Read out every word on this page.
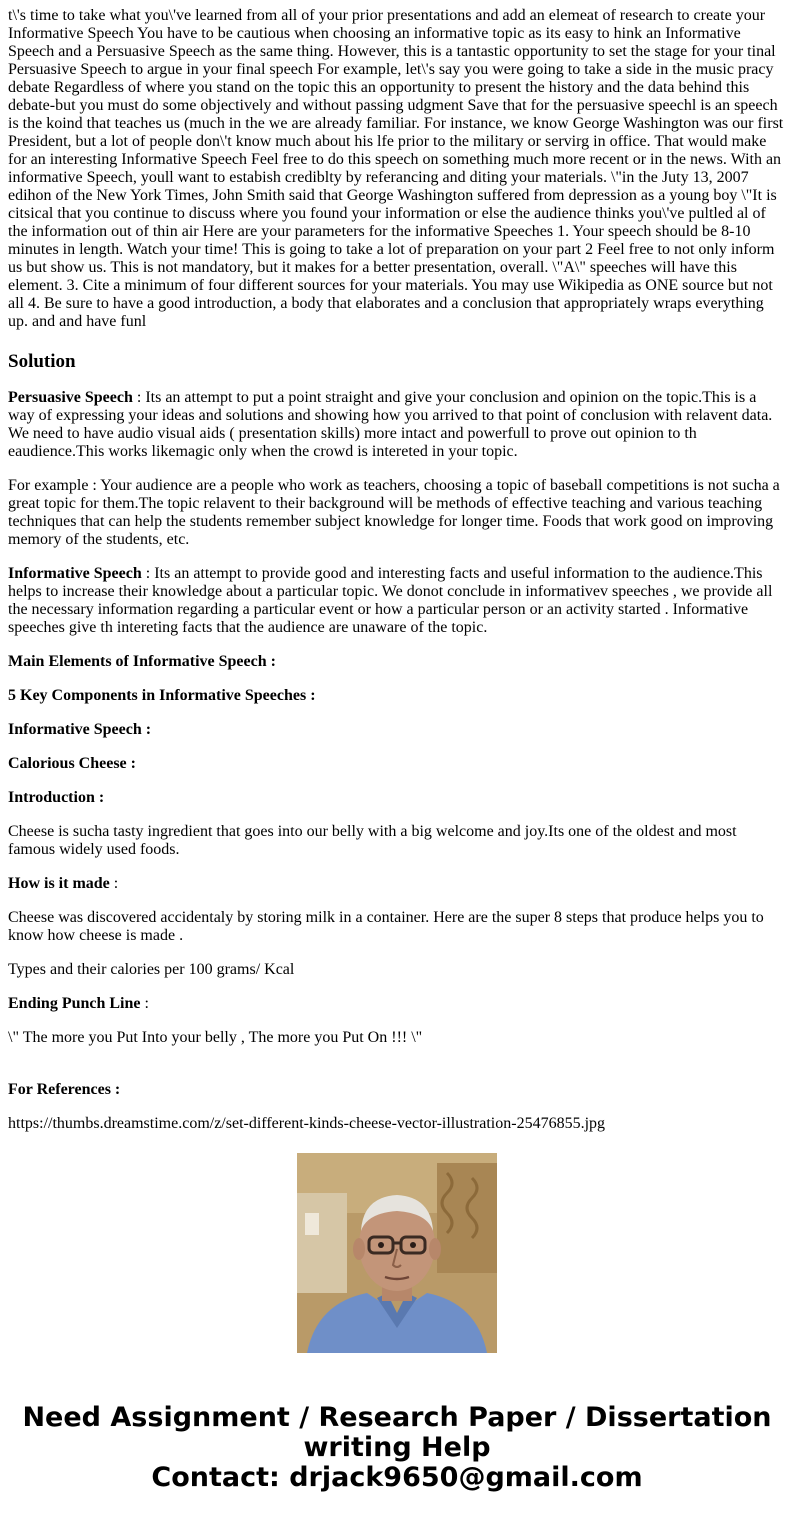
t\'s time to take what you\'ve learned from all of your prior presentations and add an elemeat of research to create your Informative Speech You have to be cautious when choosing an informative topic as its easy to hink an Informative Speech and a Persuasive Speech as the same thing. However, this is a tantastic opportunity to set the stage for your tinal Persuasive Speech to argue in your final speech For example, let\'s say you were going to take a side in the music pracy debate Regardless of where you stand on the topic this an opportunity to present the history and the data behind this debate-but you must do some objectively and without passing udgment Save that for the persuasive speechl is an speech is the koind that teaches us (much in the we are already familiar. For instance, we know George Washington was our first President, but a lot of people don\'t know much about his lfe prior to the military or servirg in office. That would make for an interesting Informative Speech Feel free to do this speech on something much more recent or in the news. With an informative Speech, youll want to estabish crediblty by referancing and diting your materials. \"in the Juty 13, 2007 edihon of the New York Times, John Smith said that George Washington suffered from depression as a young boy \"It is citsical that you continue to discuss where you found your information or else the audience thinks you\'ve pultled al of the information out of thin air Here are your parameters for the informative Speeches 1. Your speech should be 8-10 minutes in length. Watch your time! This is going to take a lot of preparation on your part 2 Feel free to not only inform us but show us. This is not mandatory, but it makes for a better presentation, overall. \"A\" speeches will have this element. 3. Cite a minimum of four different sources for your materials. You may use Wikipedia as ONE source but not all 4. Be sure to have a good introduction, a body that elaborates and a conclusion that appropriately wraps everything up. and and have funl
Solution

Persuasive Speech : Its an attempt to put a point straight and give your conclusion and opinion on the topic.This is a way of expressing your ideas and solutions and showing how you arrived to that point of conclusion with relavent data. We need to have audio visual aids ( presentation skills) more intact and powerfull to prove out opinion to th eaudience.This works likemagic only when the crowd is intereted in your topic.

For example : Your audience are a people who work as teachers, choosing a topic of baseball competitions is not sucha a great topic for them.The topic relavent to their background will be methods of effective teaching and various teaching techniques that can help the students remember subject knowledge for longer time. Foods that work good on improving memory of the students, etc.

Informative Speech : Its an attempt to provide good and interesting facts and useful information to the audience.This helps to increase their knowledge about a particular topic. We donot conclude in informativev speeches , we provide all the necessary information regarding a particular event or how a particular person or an activity started . Informative speeches give th intereting facts that the audience are unaware of the topic.

Main Elements of Informative Speech :

5 Key Components in Informative Speeches :

Informative Speech :

Calorious Cheese :

Introduction :

Cheese is sucha tasty ingredient that goes into our belly with a big welcome and joy.Its one of the oldest and most famous widely used foods.

How is it made :

Cheese was discovered accidentaly by storing milk in a container. Here are the super 8 steps that produce helps you to know how cheese is made .

Types and their calories per 100 grams/ Kcal

Ending Punch Line :

\" The more you Put Into your belly , The more you Put On !!! \"

For References :

https://thumbs.dreamstime.com/z/set-different-kinds-cheese-vector-illustration-25476855.jpg

Need Assignment / Research Paper / Dissertation
writing Help
Contact: drjack9650@gmail.com
